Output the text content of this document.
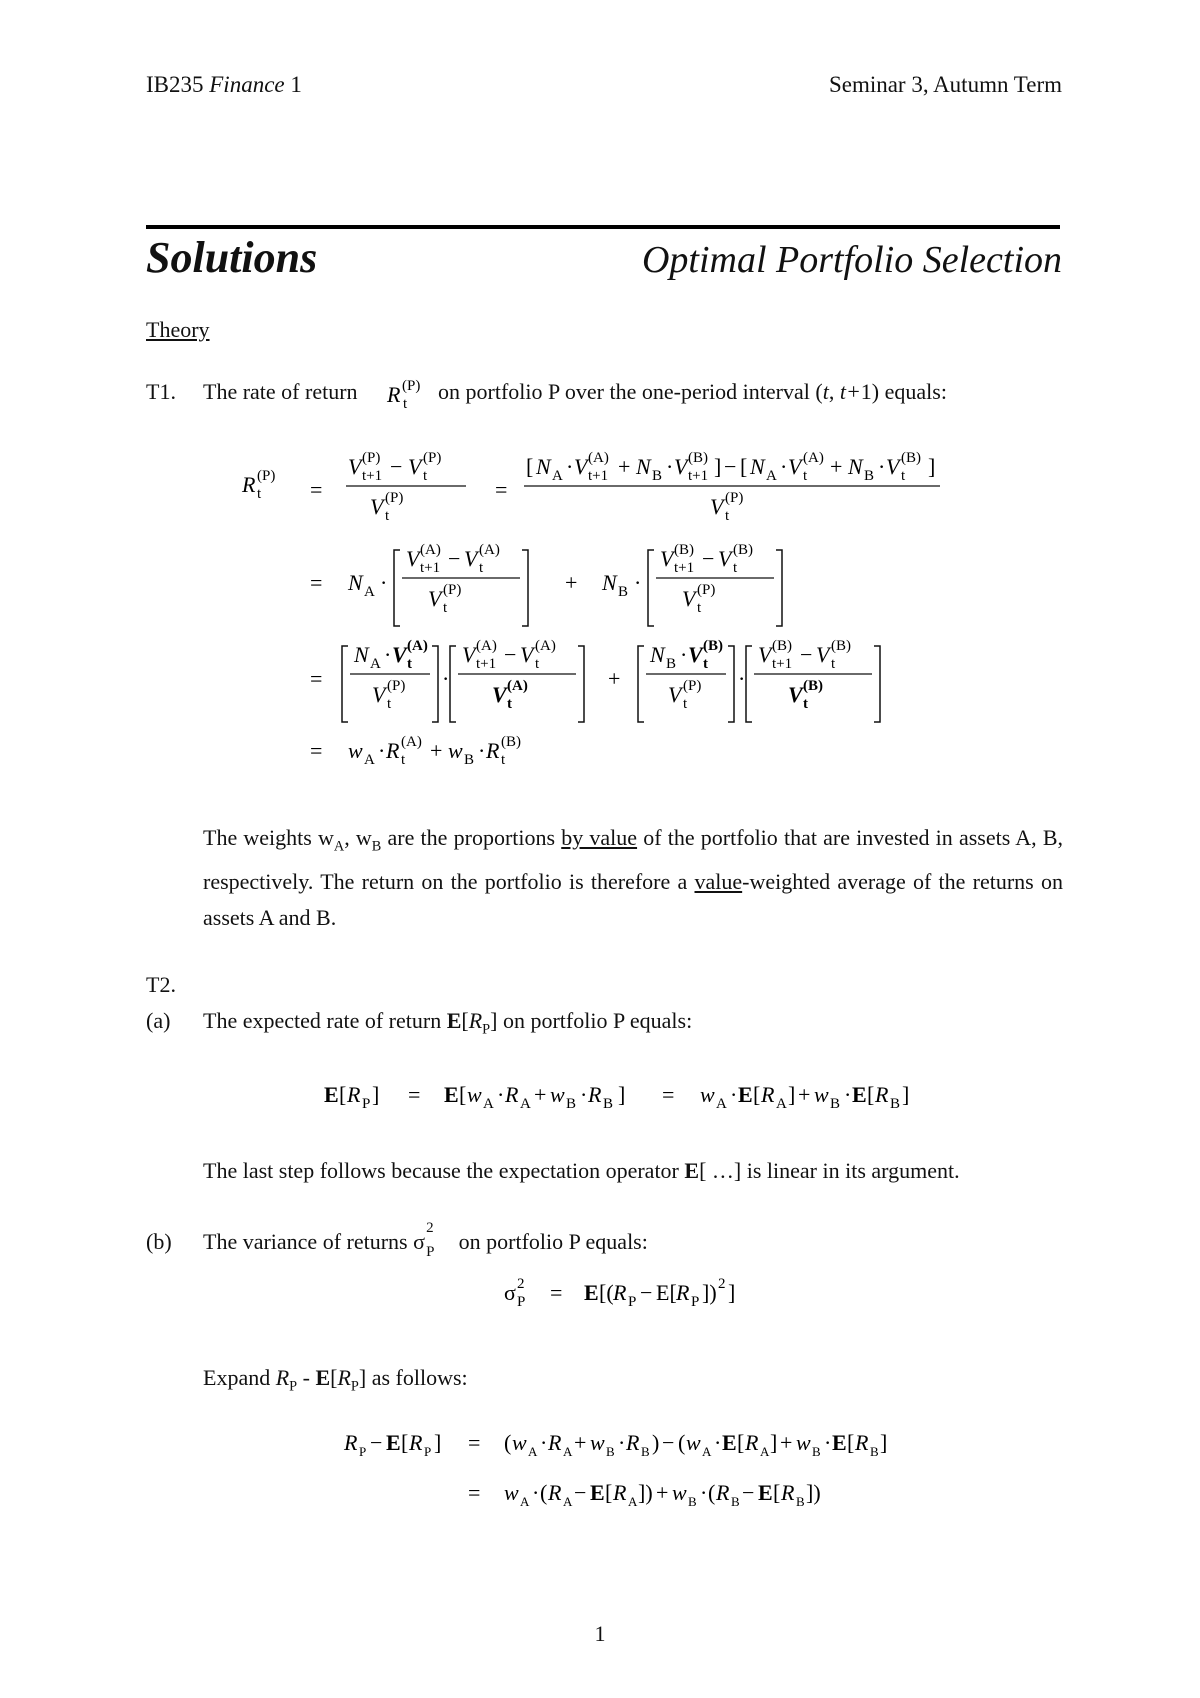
IB235 Finance 1	Seminar 3, Autumn Term
Solutions	Optimal Portfolio Selection
Theory
T1. The rate of return R t
(P) on portfolio P over the one-period interval (t, t+1) equals:
R t
(P)
=
V t+1
(P) − V t
(P)
V t
(P)	=
[ N A · V t+1
(A) + N B · V t+1
(B) ] − [ N A · V t
(A) + N B · V t
(B) ]
V t
(P)
= N A ·
V t+1
(A) − V t
(A)
V t
(P)	+ N B ·
V t+1
(B) − V t
(B)
V t
(P)
=
N A · V t
(A)
V t
(P) ·
V t+1
(A) − V t
(A)
V t
(A)	+
N B · V t
(B)
V t
(P) ·
V t+1
(B) − V t
(B)
V t
(B)
= w A · R t
(A) + w B · R t
(B)
The weights $w_A$, $w_B$ are the proportions by value of the portfolio that are invested in assets A, B, respectively. The return on the portfolio is therefore a value-weighted average of the returns on assets A and B.
T2.
(a) The expected rate of return $E[R_P]$ on portfolio P equals:
E [ R P ] = E [ w A · R A + w B · R B ] = w A · E [ R A ] + w B · E [ R B ]
The last step follows because the expectation operator E[ …] is linear in its argument.
(b) The variance of returns σ
2
P on portfolio P equals:
σ 2
P = E [( R P − E[ R P ]) 2 ]
Expand $R_P - E[R_P]$ as follows:
R P − E [ R P ] = ( w A · R A + w B · R B ) − ( w A · E [ R A ] + w B · E [ R B ]
= w A · ( R A − E [ R A ]) + w B · ( R B − E [ R B ])
1
